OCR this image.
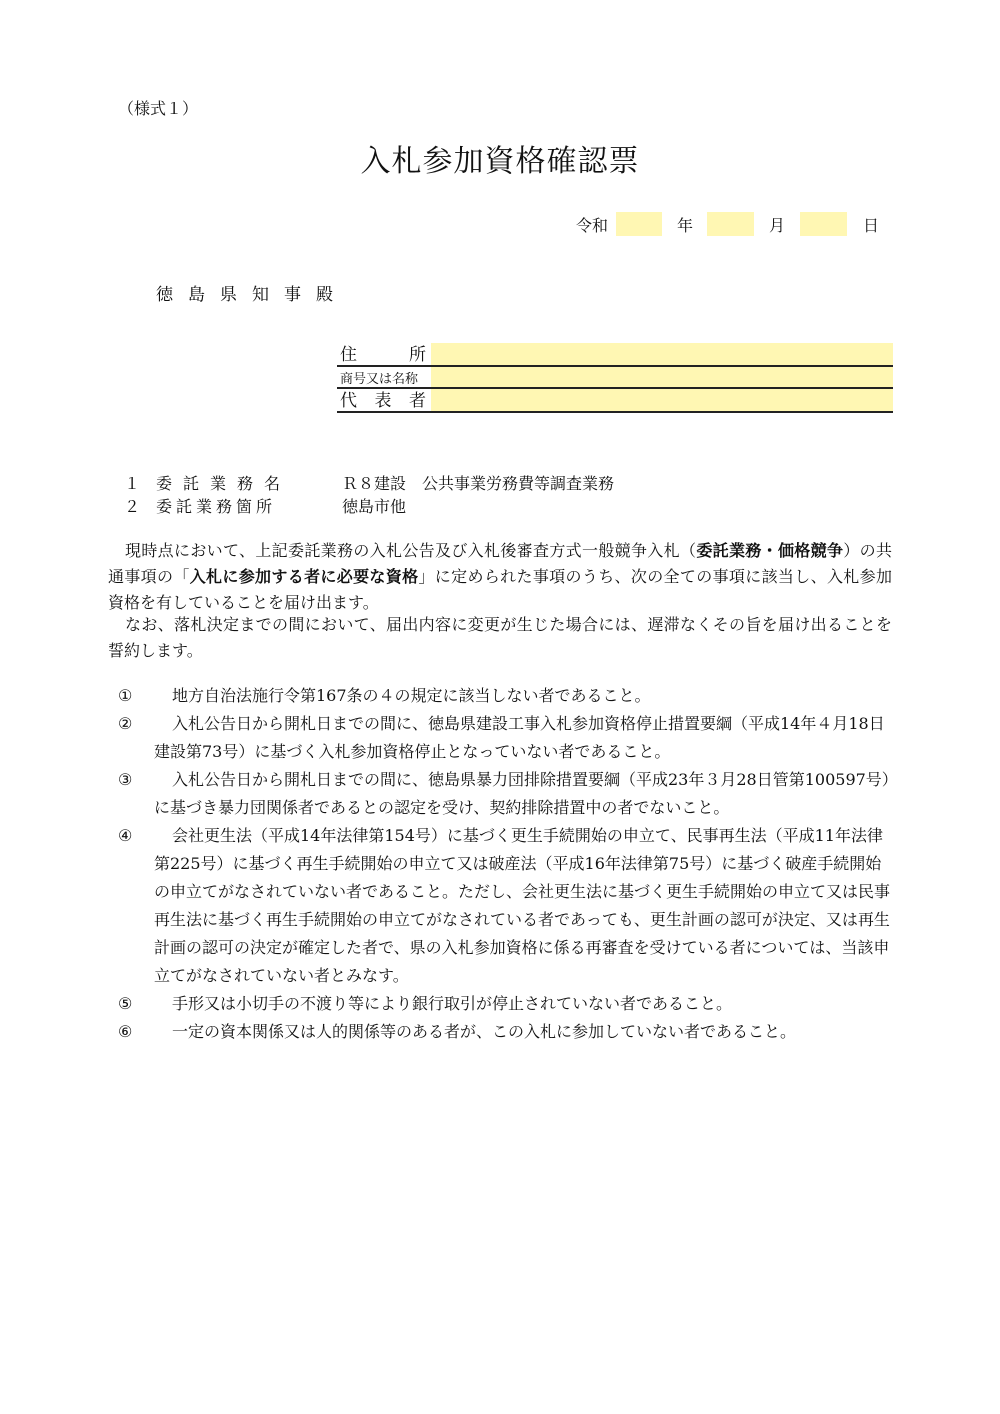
（様式１）
入札参加資格確認票
令和	年	月	日
徳島県知事殿
住	所
商号又は名称
代 表 者
１ 委託業務名	Ｒ８建設　公共事業労務費等調査業務
２ 委託業務箇所	徳島市他
現時点において、上記委託業務の入札公告及び入札後審査方式一般競争入札（委託業務・価格競争）の共通事項の「入札に参加する者に必要な資格」に定められた事項のうち、次の全ての事項に該当し、入札参加資格を有していることを届け出ます。
なお、落札決定までの間において、届出内容に変更が生じた場合には、遅滞なくその旨を届け出ることを誓約します。
①	地方自治法施行令第167条の４の規定に該当しない者であること。
②	入札公告日から開札日までの間に、徳島県建設工事入札参加資格停止措置要綱（平成14年４月18日建設第73号）に基づく入札参加資格停止となっていない者であること。
③	入札公告日から開札日までの間に、徳島県暴力団排除措置要綱（平成23年３月28日管第100597号）に基づき暴力団関係者であるとの認定を受け、契約排除措置中の者でないこと。
④	会社更生法（平成14年法律第154号）に基づく更生手続開始の申立て、民事再生法（平成11年法律第225号）に基づく再生手続開始の申立て又は破産法（平成16年法律第75号）に基づく破産手続開始の申立てがなされていない者であること。ただし、会社更生法に基づく更生手続開始の申立て又は民事再生法に基づく再生手続開始の申立てがなされている者であっても、更生計画の認可が決定、又は再生計画の認可の決定が確定した者で、県の入札参加資格に係る再審査を受けている者については、当該申立てがなされていない者とみなす。
⑤	手形又は小切手の不渡り等により銀行取引が停止されていない者であること。
⑥	一定の資本関係又は人的関係等のある者が、この入札に参加していない者であること。
